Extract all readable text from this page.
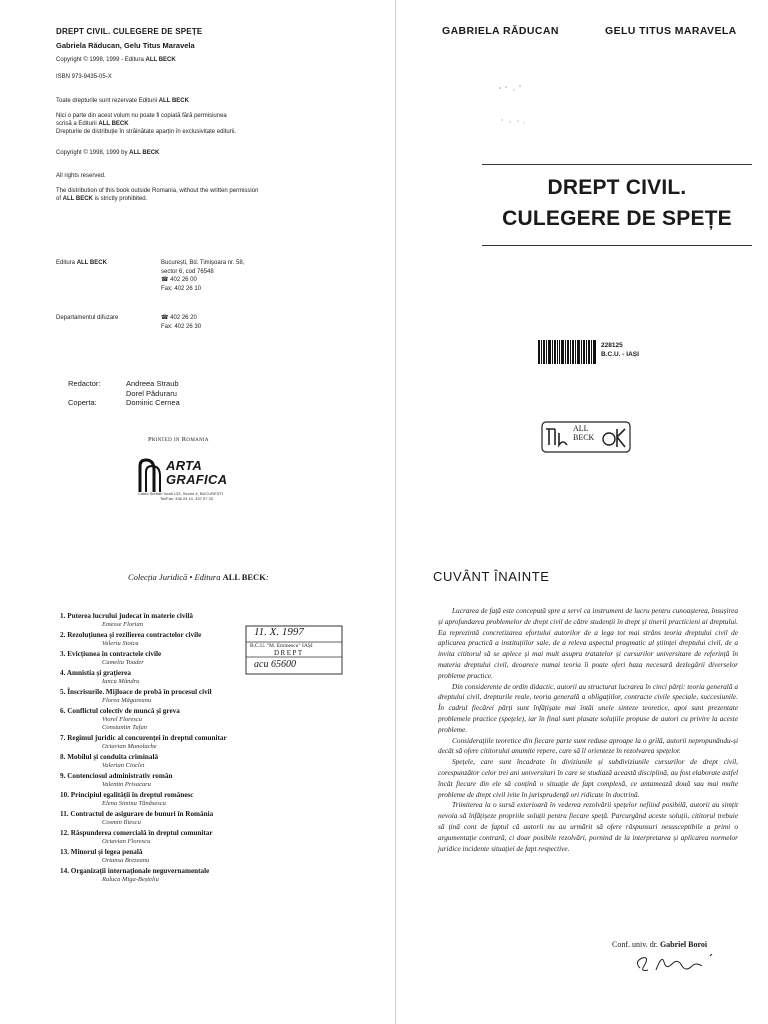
DREPT CIVIL. CULEGERE DE SPEȚE
Gabriela Răducan, Gelu Titus Maravela
Copyright © 1998, 1999 - Editura ALL BECK
ISBN 973-9435-05-X
Toate drepturile sunt rezervate Editurii ALL BECK
Nici o parte din acest volum nu poate fi copiată fără permisiunea
scrisă a Editurii ALL BECK
Drepturile de distribuție în străinătate aparțin în exclusivitate editurii.
Copyright © 1998, 1999 by ALL BECK
All rights reserved.
The distribution of this book outside Romania, without the written permission
of ALL BECK is strictly prohibited.
Editura ALL BECK	București, Bd. Timișoara nr. 58,
sector 6, cod 76548
☎ 402 26 00
Fax: 402 26 10
Departamentul difuzare	☎ 402 26 20
Fax: 402 26 30
Redactor:	Andreea Straub
Dorel Păduraru
Coperta:	Dominic Cernea
Printed in Romania
ARTA
GRAFICA
Calea Șerban Vodă 133, Sector 4, BUCUREȘTI
Tel/Fax: 336 29 10, 337 07 33
GABRIELA RĂDUCAN	GELU TITUS MARAVELA
DREPT CIVIL.
CULEGERE DE SPEȚE
228125
B.C.U. - IAȘI
ALL
BECK
Colecția Juridică • Editura ALL BECK:
1. Puterea lucrului judecat în materie civilă
Emesse Florian
2. Rezoluțiunea și rezilierea contractelor civile
Valeriu Stoica
3. Evicțiunea în contractele civile
Camelia Toader
4. Amnistia și grațierea
Iancu Mândru
5. Înscrisurile. Mijloace de probă în procesul civil
Florea Măgureanu
6. Conflictul colectiv de muncă și greva
Viorel Florescu
Constantin Tufan
7. Regimul juridic al concurenței în dreptul comunitar
Octavian Manolache
8. Mobilul și conduita criminală
Valerian Cioclei
9. Contenciosul administrativ român
Valentin Prisacaru
10. Principiul egalității în dreptul românesc
Elena Simina Tănăsescu
11. Contractul de asigurare de bunuri în România
Cosmin Iliescu
12. Răspunderea comercială în dreptul comunitar
Octavian Florescu
13. Minorul și legea penală
Ortansa Brezeanu
14. Organizații internaționale neguvernamentale
Raluca Miga-Beșteliu
11. X. 1997
B.C.U. "M. Eminescu" IAȘI
DREPT
acu 65600
CUVÂNT ÎNAINTE

Lucrarea de față este concepută spre a servi ca instrument de lucru pentru cunoașterea, însușirea și aprofundarea problemelor de drept civil de către studenții în drept și tinerii practicieni ai dreptului. Ea reprezintă concretizarea efortului autorilor de a lega tot mai strâns teoria dreptului civil de aplicarea practică a instituțiilor sale, de a releva aspectul pragmatic al științei dreptului civil, de a invita cititorul să se aplece și mai mult asupra tratatelor și cursurilor universitare de referință în materia dreptului civil, deoarece numai teoria îi poate oferi baza necesară dezlegării diverselor probleme practice.

Din considerente de ordin didactic, autorii au structurat lucrarea în cinci părți: teoria generală a dreptului civil, drepturile reale, teoria generală a obligațiilor, contracte civile speciale, succesiunile. În cadrul fiecărei părți sunt înfățișate mai întâi unele sinteze teoretice, apoi sunt prezentate problemele practice (spețele), iar în final sunt plasate soluțiile propuse de autori cu privire la aceste probleme.

Considerațiile teoretice din fiecare parte sunt reduse aproape la o grilă, autorii nepropunându-și decât să ofere cititorului anumite repere, care să îl orienteze în rezolvarea spețelor.

Spețele, care sunt încadrate în diviziunile și subdiviziunile cursurilor de drept civil, corespunzător celor trei ani universitari în care se studiază această disciplină, au fost elaborate astfel încât fiecare din ele să conțină o situație de fapt complexă, ce antamează două sau mai multe probleme de drept civil ivite în jurisprudență ori ridicate în doctrină.

Trimiterea la o sursă exterioară în vederea rezolvării spețelor nefiind posibilă, autorii au simțit nevoia să înfățișeze propriile soluții pentru fiecare speță. Parcurgând aceste soluții, cititorul trebuie să țină cont de faptul că autorii nu au urmărit să ofere răspunsuri nesusceptibile a primi o argumentație contrară, ci doar posibile rezolvări, pornind de la interpretarea și aplicarea normelor juridice incidente situației de fapt respective.

Conf. univ. dr. Gabriel Boroi
